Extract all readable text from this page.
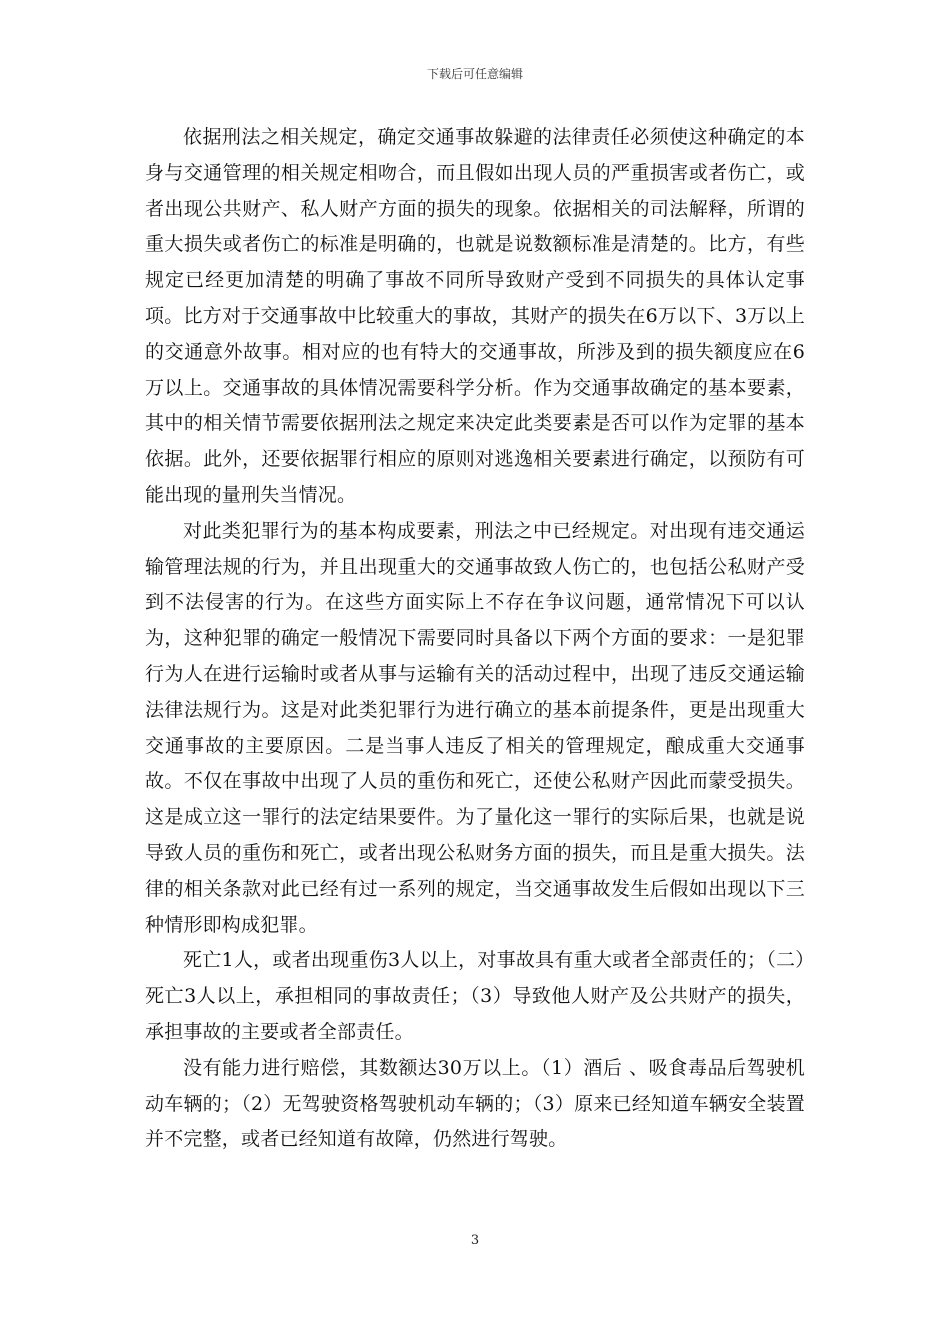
下载后可任意编辑

依据刑法之相关规定，确定交通事故躲避的法律责任必须使这种确定的本身与交通管理的相关规定相吻合，而且假如出现人员的严重损害或者伤亡，或者出现公共财产、私人财产方面的损失的现象。依据相关的司法解释，所谓的重大损失或者伤亡的标准是明确的，也就是说数额标准是清楚的。比方，有些规定已经更加清楚的明确了事故不同所导致财产受到不同损失的具体认定事项。比方对于交通事故中比较重大的事故，其财产的损失在6万以下、3万以上的交通意外故事。相对应的也有特大的交通事故，所涉及到的损失额度应在6万以上。交通事故的具体情况需要科学分析。作为交通事故确定的基本要素，其中的相关情节需要依据刑法之规定来决定此类要素是否可以作为定罪的基本依据。此外，还要依据罪行相应的原则对逃逸相关要素进行确定，以预防有可能出现的量刑失当情况。

对此类犯罪行为的基本构成要素，刑法之中已经规定。对出现有违交通运输管理法规的行为，并且出现重大的交通事故致人伤亡的，也包括公私财产受到不法侵害的行为。在这些方面实际上不存在争议问题，通常情况下可以认为，这种犯罪的确定一般情况下需要同时具备以下两个方面的要求：一是犯罪行为人在进行运输时或者从事与运输有关的活动过程中，出现了违反交通运输法律法规行为。这是对此类犯罪行为进行确立的基本前提条件，更是出现重大交通事故的主要原因。二是当事人违反了相关的管理规定，酿成重大交通事故。不仅在事故中出现了人员的重伤和死亡，还使公私财产因此而蒙受损失。这是成立这一罪行的法定结果要件。为了量化这一罪行的实际后果，也就是说导致人员的重伤和死亡，或者出现公私财务方面的损失，而且是重大损失。法律的相关条款对此已经有过一系列的规定，当交通事故发生后假如出现以下三种情形即构成犯罪。

死亡1人，或者出现重伤3人以上，对事故具有重大或者全部责任的；（二）死亡3人以上，承担相同的事故责任；（3）导致他人财产及公共财产的损失，承担事故的主要或者全部责任。

没有能力进行赔偿，其数额达30万以上。（1）酒后 、吸食毒品后驾驶机动车辆的；（2）无驾驶资格驾驶机动车辆的；（3）原来已经知道车辆安全装置并不完整，或者已经知道有故障，仍然进行驾驶。

3
